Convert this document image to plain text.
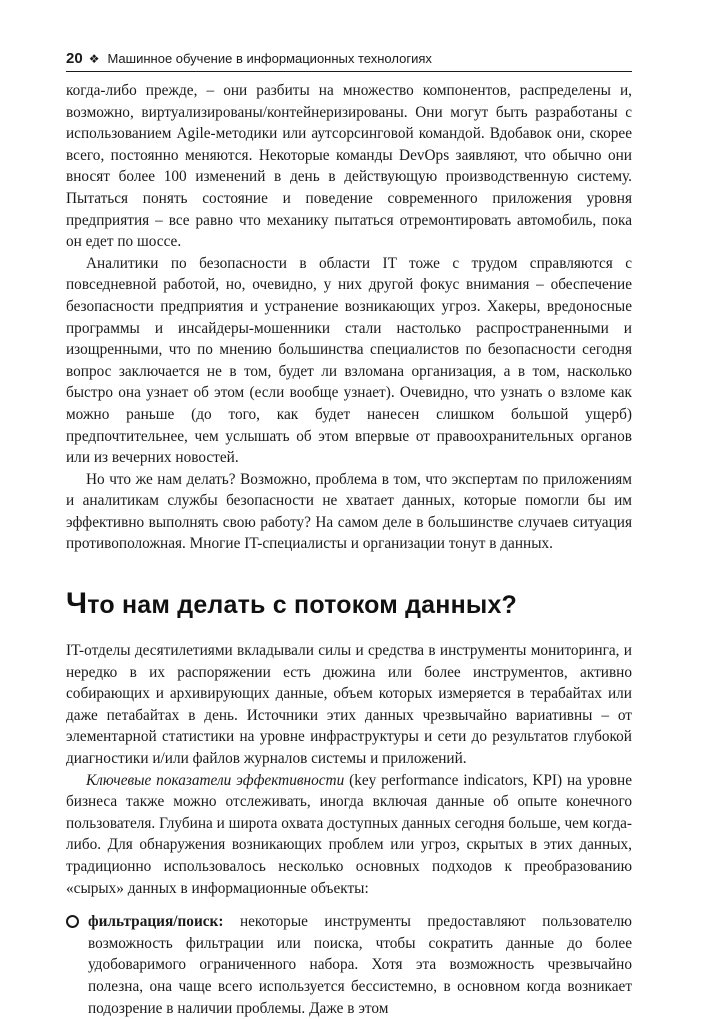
20 ❖ Машинное обучение в информационных технологиях

когда-либо прежде, – они разбиты на множество компонентов, распределены и, возможно, виртуализированы/контейнеризированы. Они могут быть разработаны с использованием Agile-методики или аутсорсинговой командой. Вдобавок они, скорее всего, постоянно меняются. Некоторые команды DevOps заявляют, что обычно они вносят более 100 изменений в день в действующую производственную систему. Пытаться понять состояние и поведение современного приложения уровня предприятия – все равно что механику пытаться отремонтировать автомобиль, пока он едет по шоссе.

Аналитики по безопасности в области IT тоже с трудом справляются с повседневной работой, но, очевидно, у них другой фокус внимания – обеспечение безопасности предприятия и устранение возникающих угроз. Хакеры, вредоносные программы и инсайдеры-мошенники стали настолько распространенными и изощренными, что по мнению большинства специалистов по безопасности сегодня вопрос заключается не в том, будет ли взломана организация, а в том, насколько быстро она узнает об этом (если вообще узнает). Очевидно, что узнать о взломе как можно раньше (до того, как будет нанесен слишком большой ущерб) предпочтительнее, чем услышать об этом впервые от правоохранительных органов или из вечерних новостей.

Но что же нам делать? Возможно, проблема в том, что экспертам по приложениям и аналитикам службы безопасности не хватает данных, которые помогли бы им эффективно выполнять свою работу? На самом деле в большинстве случаев ситуация противоположная. Многие IT-специалисты и организации тонут в данных.

Что нам делать с потоком данных?

IT-отделы десятилетиями вкладывали силы и средства в инструменты мониторинга, и нередко в их распоряжении есть дюжина или более инструментов, активно собирающих и архивирующих данные, объем которых измеряется в терабайтах или даже петабайтах в день. Источники этих данных чрезвычайно вариативны – от элементарной статистики на уровне инфраструктуры и сети до результатов глубокой диагностики и/или файлов журналов системы и приложений.

Ключевые показатели эффективности (key performance indicators, KPI) на уровне бизнеса также можно отслеживать, иногда включая данные об опыте конечного пользователя. Глубина и широта охвата доступных данных сегодня больше, чем когда-либо. Для обнаружения возникающих проблем или угроз, скрытых в этих данных, традиционно использовалось несколько основных подходов к преобразованию «сырых» данных в информационные объекты:

фильтрация/поиск: некоторые инструменты предоставляют пользователю возможность фильтрации или поиска, чтобы сократить данные до более удобоваримого ограниченного набора. Хотя эта возможность чрезвычайно полезна, она чаще всего используется бессистемно, в основном когда возникает подозрение в наличии проблемы. Даже в этом
